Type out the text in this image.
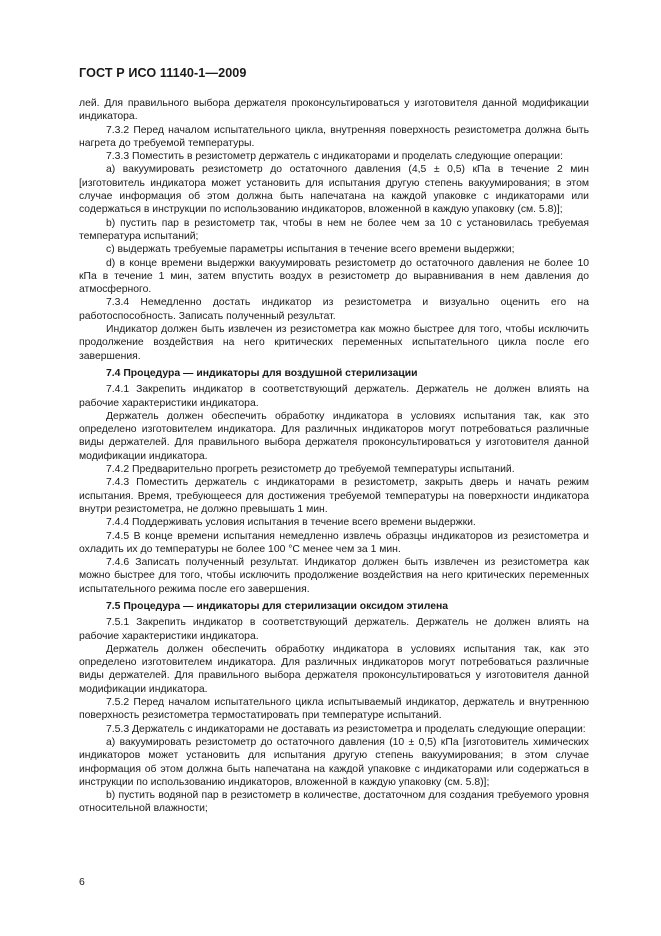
ГОСТ Р ИСО 11140-1—2009

лей. Для правильного выбора держателя проконсультироваться у изготовителя данной модификации индикатора.

7.3.2 Перед началом испытательного цикла, внутренняя поверхность резистометра должна быть нагрета до требуемой температуры.

7.3.3 Поместить в резистометр держатель с индикаторами и проделать следующие операции:

a) вакуумировать резистометр до остаточного давления (4,5 ± 0,5) кПа в течение 2 мин [изготовитель индикатора может установить для испытания другую степень вакуумирования; в этом случае информация об этом должна быть напечатана на каждой упаковке с индикаторами или содержаться в инструкции по использованию индикаторов, вложенной в каждую упаковку (см. 5.8)];

b) пустить пар в резистометр так, чтобы в нем не более чем за 10 с установилась требуемая температура испытаний;

c) выдержать требуемые параметры испытания в течение всего времени выдержки;

d) в конце времени выдержки вакуумировать резистометр до остаточного давления не более 10 кПа в течение 1 мин, затем впустить воздух в резистометр до выравнивания в нем давления до атмосферного.

7.3.4 Немедленно достать индикатор из резистометра и визуально оценить его на работоспособность. Записать полученный результат.

Индикатор должен быть извлечен из резистометра как можно быстрее для того, чтобы исключить продолжение воздействия на него критических переменных испытательного цикла после его завершения.

7.4 Процедура — индикаторы для воздушной стерилизации

7.4.1 Закрепить индикатор в соответствующий держатель. Держатель не должен влиять на рабочие характеристики индикатора.

Держатель должен обеспечить обработку индикатора в условиях испытания так, как это определено изготовителем индикатора. Для различных индикаторов могут потребоваться различные виды держателей. Для правильного выбора держателя проконсультироваться у изготовителя данной модификации индикатора.

7.4.2 Предварительно прогреть резистометр до требуемой температуры испытаний.

7.4.3 Поместить держатель с индикаторами в резистометр, закрыть дверь и начать режим испытания. Время, требующееся для достижения требуемой температуры на поверхности индикатора внутри резистометра, не должно превышать 1 мин.

7.4.4 Поддерживать условия испытания в течение всего времени выдержки.

7.4.5 В конце времени испытания немедленно извлечь образцы индикаторов из резистометра и охладить их до температуры не более 100 °С менее чем за 1 мин.

7.4.6 Записать полученный результат. Индикатор должен быть извлечен из резистометра как можно быстрее для того, чтобы исключить продолжение воздействия на него критических переменных испытательного режима после его завершения.

7.5 Процедура — индикаторы для стерилизации оксидом этилена

7.5.1 Закрепить индикатор в соответствующий держатель. Держатель не должен влиять на рабочие характеристики индикатора.

Держатель должен обеспечить обработку индикатора в условиях испытания так, как это определено изготовителем индикатора. Для различных индикаторов могут потребоваться различные виды держателей. Для правильного выбора держателя проконсультироваться у изготовителя данной модификации индикатора.

7.5.2 Перед началом испытательного цикла испытываемый индикатор, держатель и внутреннюю поверхность резистометра термостатировать при температуре испытаний.

7.5.3 Держатель с индикаторами не доставать из резистометра и проделать следующие операции:

a) вакуумировать резистометр до остаточного давления (10 ± 0,5) кПа [изготовитель химических индикаторов может установить для испытания другую степень вакуумирования; в этом случае информация об этом должна быть напечатана на каждой упаковке с индикаторами или содержаться в инструкции по использованию индикаторов, вложенной в каждую упаковку (см. 5.8)];

b) пустить водяной пар в резистометр в количестве, достаточном для создания требуемого уровня относительной влажности;

6
